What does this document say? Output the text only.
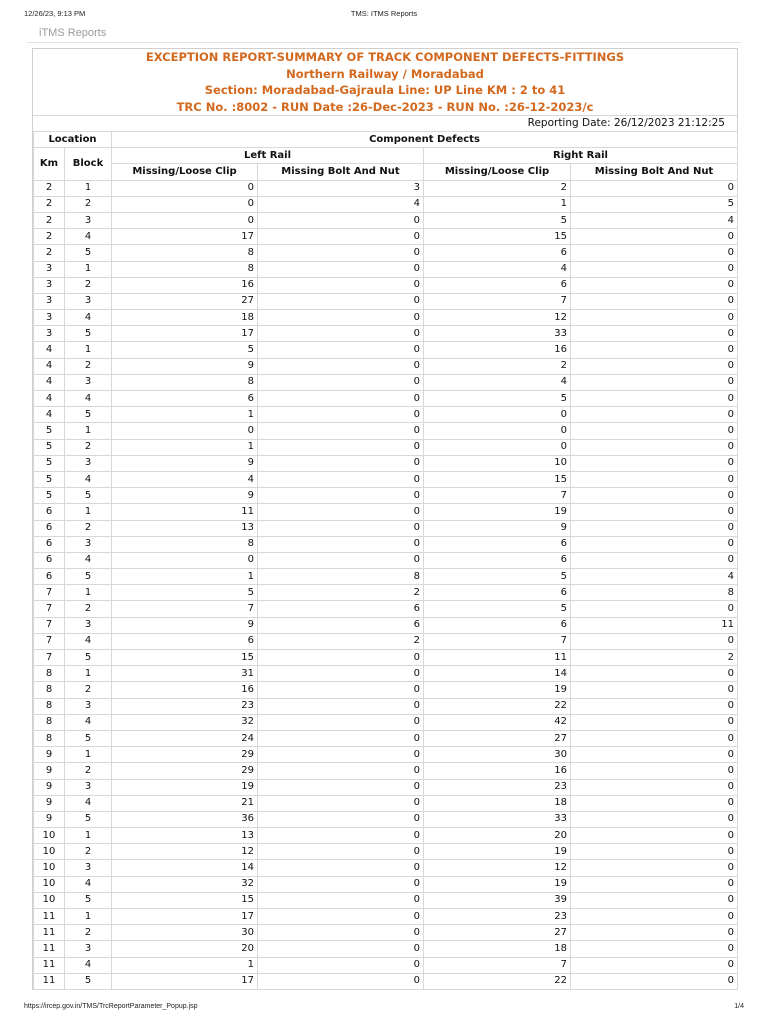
12/26/23, 9:13 PM	TMS: ITMS Reports
iTMS Reports
EXCEPTION REPORT-SUMMARY OF TRACK COMPONENT DEFECTS-FITTINGS
Northern Railway / Moradabad
Section: Moradabad-Gajraula Line: UP Line KM : 2 to 41
TRC No. :8002 - RUN Date :26-Dec-2023 - RUN No. :26-12-2023/c
Reporting Date: 26/12/2023 21:12:25
Location		Component Defects			
Km	Block	Left Rail		Right Rail	
		Missing/Loose Clip	Missing Bolt And Nut	Missing/Loose Clip	Missing Bolt And Nut
2	1	0	3	2	0
2	2	0	4	1	5
2	3	0	0	5	4
2	4	17	0	15	0
2	5	8	0	6	0
3	1	8	0	4	0
3	2	16	0	6	0
3	3	27	0	7	0
3	4	18	0	12	0
3	5	17	0	33	0
4	1	5	0	16	0
4	2	9	0	2	0
4	3	8	0	4	0
4	4	6	0	5	0
4	5	1	0	0	0
5	1	0	0	0	0
5	2	1	0	0	0
5	3	9	0	10	0
5	4	4	0	15	0
5	5	9	0	7	0
6	1	11	0	19	0
6	2	13	0	9	0
6	3	8	0	6	0
6	4	0	0	6	0
6	5	1	8	5	4
7	1	5	2	6	8
7	2	7	6	5	0
7	3	9	6	6	11
7	4	6	2	7	0
7	5	15	0	11	2
8	1	31	0	14	0
8	2	16	0	19	0
8	3	23	0	22	0
8	4	32	0	42	0
8	5	24	0	27	0
9	1	29	0	30	0
9	2	29	0	16	0
9	3	19	0	23	0
9	4	21	0	18	0
9	5	36	0	33	0
10	1	13	0	20	0
10	2	12	0	19	0
10	3	14	0	12	0
10	4	32	0	19	0
10	5	15	0	39	0
11	1	17	0	23	0
11	2	30	0	27	0
11	3	20	0	18	0
11	4	1	0	7	0
11	5	17	0	22	0
https://ircep.gov.in/TMS/TrcReportParameter_Popup.jsp	1/4
